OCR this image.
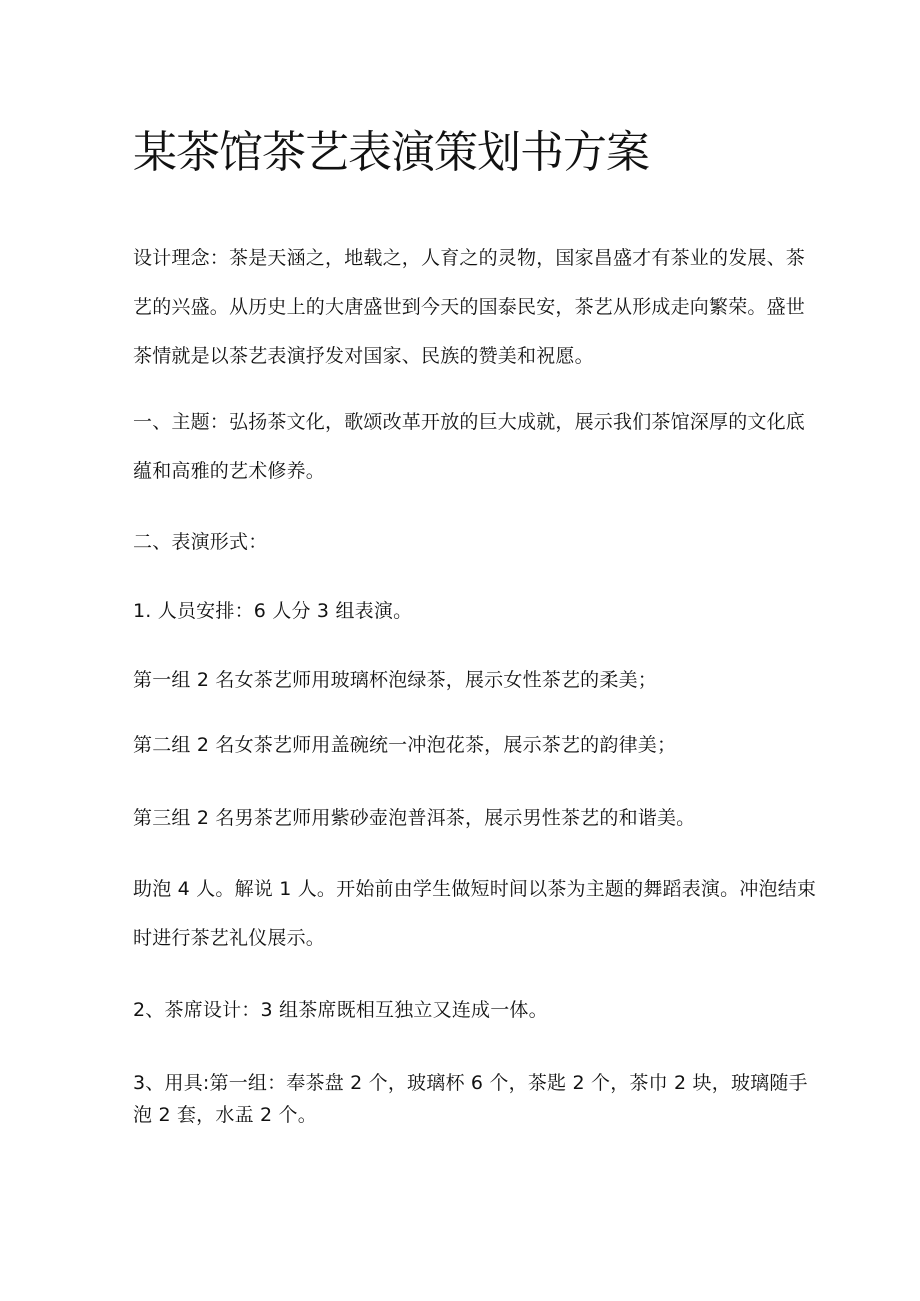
某茶馆茶艺表演策划书方案

设计理念：茶是天涵之，地载之，人育之的灵物，国家昌盛才有茶业的发展、茶
艺的兴盛。从历史上的大唐盛世到今天的国泰民安，茶艺从形成走向繁荣。盛世
茶情就是以茶艺表演抒发对国家、民族的赞美和祝愿。

一、主题：弘扬茶文化，歌颂改革开放的巨大成就，展示我们茶馆深厚的文化底
蕴和高雅的艺术修养。

二、表演形式：

1. 人员安排：6 人分 3 组表演。

第一组 2 名女茶艺师用玻璃杯泡绿茶，展示女性茶艺的柔美；

第二组 2 名女茶艺师用盖碗统一冲泡花茶，展示茶艺的韵律美；

第三组 2 名男茶艺师用紫砂壶泡普洱茶，展示男性茶艺的和谐美。

助泡 4 人。解说 1 人。开始前由学生做短时间以茶为主题的舞蹈表演。冲泡结束
时进行茶艺礼仪展示。

2、茶席设计：3 组茶席既相互独立又连成一体。

3、用具:第一组：奉茶盘 2 个，玻璃杯 6 个，茶匙 2 个，茶巾 2 块，玻璃随手
泡 2 套，水盂 2 个。
